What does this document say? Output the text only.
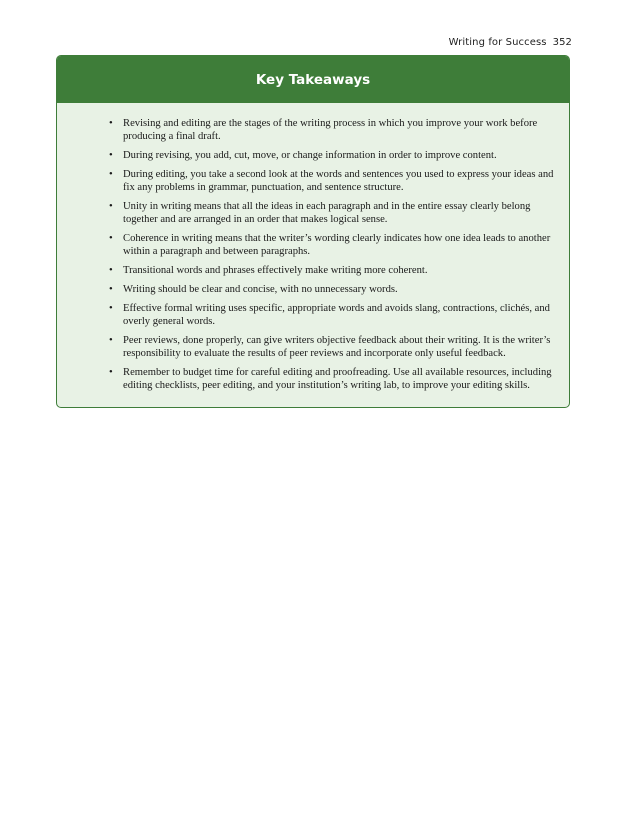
Writing for Success 352
Key Takeaways
• Revising and editing are the stages of the writing process in which you improve your work before producing a final draft.
• During revising, you add, cut, move, or change information in order to improve content.
• During editing, you take a second look at the words and sentences you used to express your ideas and fix any problems in grammar, punctuation, and sentence structure.
• Unity in writing means that all the ideas in each paragraph and in the entire essay clearly belong together and are arranged in an order that makes logical sense.
• Coherence in writing means that the writer’s wording clearly indicates how one idea leads to another within a paragraph and between paragraphs.
• Transitional words and phrases effectively make writing more coherent.
• Writing should be clear and concise, with no unnecessary words.
• Effective formal writing uses specific, appropriate words and avoids slang, contractions, clichés, and overly general words.
• Peer reviews, done properly, can give writers objective feedback about their writing. It is the writer’s responsibility to evaluate the results of peer reviews and incorporate only useful feedback.
• Remember to budget time for careful editing and proofreading. Use all available resources, including editing checklists, peer editing, and your institution’s writing lab, to improve your editing skills.
